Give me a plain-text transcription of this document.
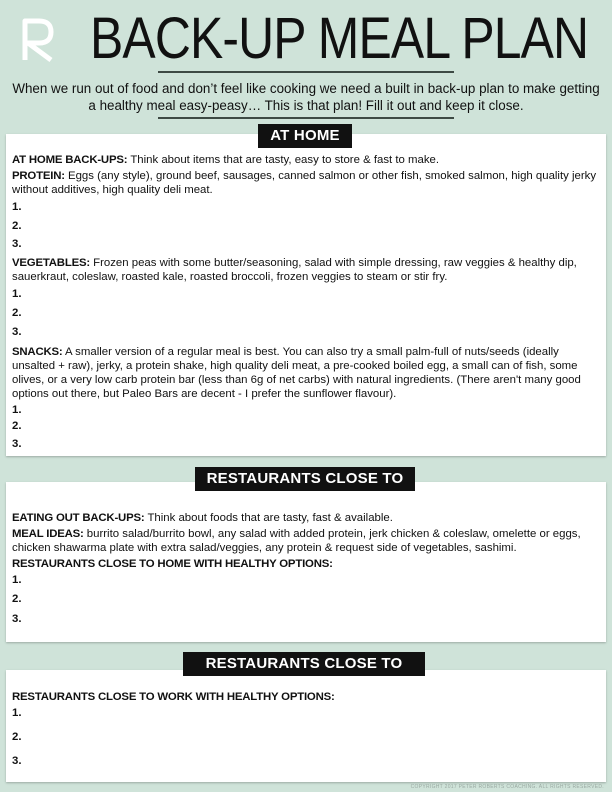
BACK-UP MEAL PLAN
When we run out of food and don’t feel like cooking we need a built in back-up plan to make getting a healthy meal easy-peasy… This is that plan! Fill it out and keep it close.
AT HOME BACK-UPS: Think about items that are tasty, easy to store & fast to make.
PROTEIN: Eggs (any style), ground beef, sausages, canned salmon or other fish, smoked salmon, high quality jerky without additives, high quality deli meat.
1.
2.
3.
VEGETABLES: Frozen peas with some butter/seasoning, salad with simple dressing, raw veggies & healthy dip, sauerkraut, coleslaw, roasted kale, roasted broccoli, frozen veggies to steam or stir fry.
1.
2.
3.
SNACKS: A smaller version of a regular meal is best. You can also try a small palm-full of nuts/seeds (ideally unsalted + raw), jerky, a protein shake, high quality deli meat, a pre-cooked boiled egg, a small can of fish, some olives, or a very low carb protein bar (less than 6g of net carbs) with natural ingredients. (There aren't many good options out there, but Paleo Bars are decent - I prefer the sunflower flavour).
1.
2.
3.
AT HOME
EATING OUT BACK-UPS: Think about foods that are tasty, fast & available.
MEAL IDEAS: burrito salad/burrito bowl, any salad with added protein, jerk chicken & coleslaw, omelette or eggs, chicken shawarma plate with extra salad/veggies, any protein & request side of vegetables, sashimi.
RESTAURANTS CLOSE TO HOME WITH HEALTHY OPTIONS:
1.
2.
3.
RESTAURANTS CLOSE TO HOME
RESTAURANTS CLOSE TO WORK WITH HEALTHY OPTIONS:
1.
2.
3.
RESTAURANTS CLOSE TO WORK
COPYRIGHT 2017 PETER ROBERTS COACHING. ALL RIGHTS RESERVED.
